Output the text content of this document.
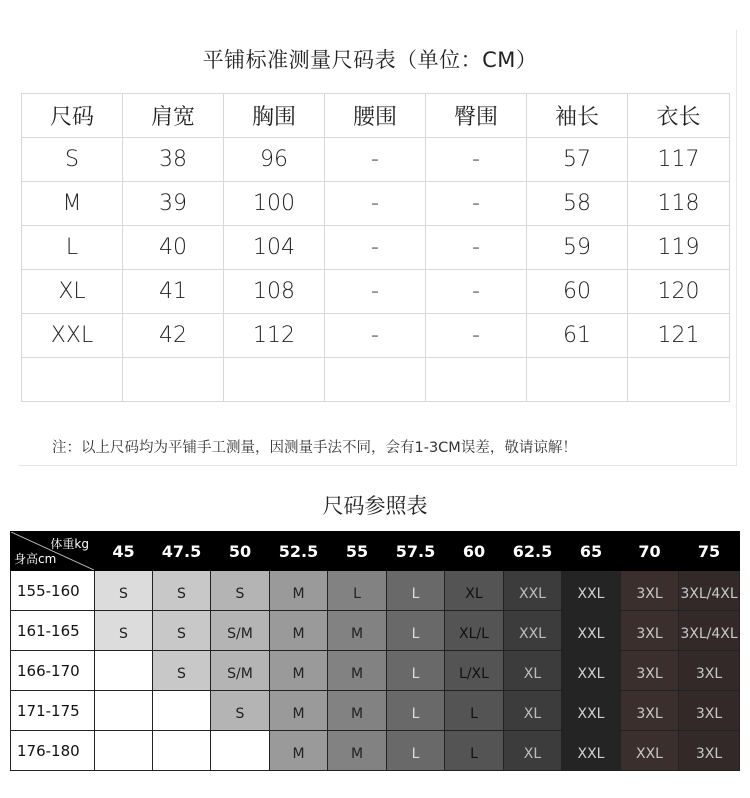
平铺标准测量尺码表（单位：CM）
尺码	肩宽	胸围	腰围	臀围	袖长	衣长
S	38	96	-	-	57	117
M	39	100	-	-	58	118
L	40	104	-	-	59	119
XL	41	108	-	-	60	120
XXL	42	112	-	-	61	121

注：以上尺码均为平铺手工测量，因测量手法不同，会有1-3CM误差，敬请谅解！
尺码参照表
体重kg
身高cm	45	47.5	50	52.5	55	57.5	60	62.5	65	70	75
155-160	S	S	S	M	L	L	XL	XXL	XXL	3XL	3XL/4XL
161-165	S	S	S/M	M	M	L	XL/L	XXL	XXL	3XL	3XL/4XL
166-170		S	S/M	M	M	L	L/XL	XL	XXL	3XL	3XL
171-175			S	M	M	L	L	XL	XXL	3XL	3XL
176-180				M	M	L	L	XL	XXL	XXL	3XL
